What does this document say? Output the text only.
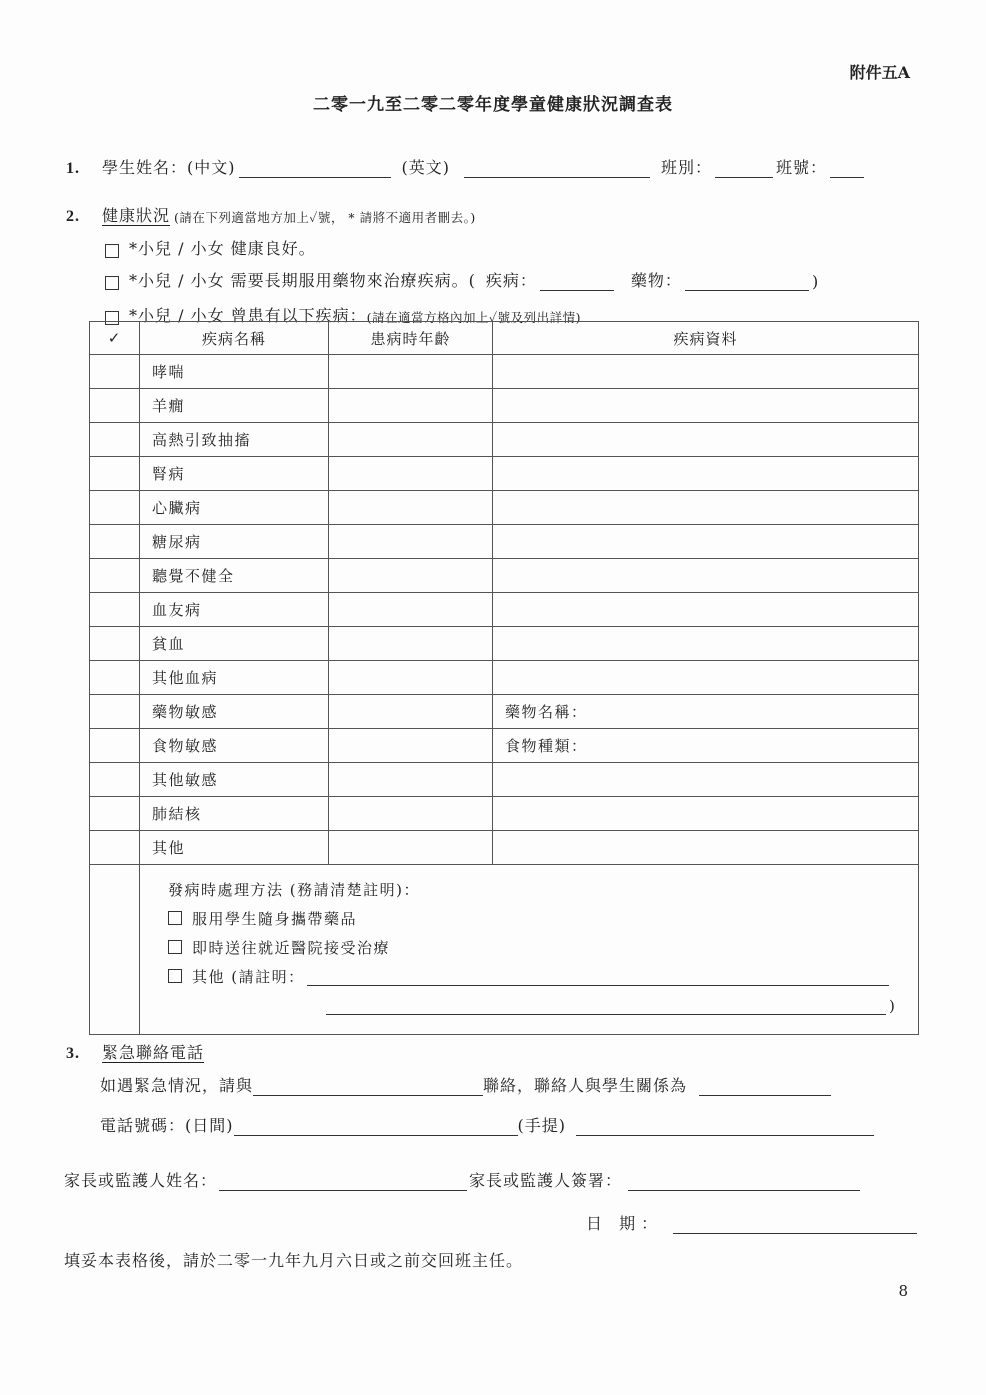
附件五A
二零一九至二零二零年度學童健康狀況調查表
1. 學生姓名：(中文)	(英文)	班別：	班號：
2. 健康狀況 (請在下列適當地方加上✓號， * 請將不適用者刪去。)
*小兒 / 小女 健康良好。
*小兒 / 小女 需要長期服用藥物來治療疾病。( 疾病：	藥物：	)
*小兒 / 小女 曾患有以下疾病： (請在適當方格內加上✓號及列出詳情)
✓	疾病名稱	患病時年齡	疾病資料
	哮喘		
	羊癇		
	高熱引致抽搐		
	腎病		
	心臟病		
	糖尿病		
	聽覺不健全		
	血友病		
	貧血		
	其他血病		
	藥物敏感		藥物名稱：
	食物敏感		食物種類：
	其他敏感		
	肺結核		
	其他		

發病時處理方法 (務請清楚註明)：
服用學生隨身攜帶藥品
即時送往就近醫院接受治療
其他 (請註明：
)		
3. 緊急聯絡電話
如遇緊急情況，請與	聯絡，聯絡人與學生關係為
電話號碼：(日間)	(手提)
家長或監護人姓名：	家長或監護人簽署：
日 期：
填妥本表格後，請於二零一九年九月六日或之前交回班主任。
8
